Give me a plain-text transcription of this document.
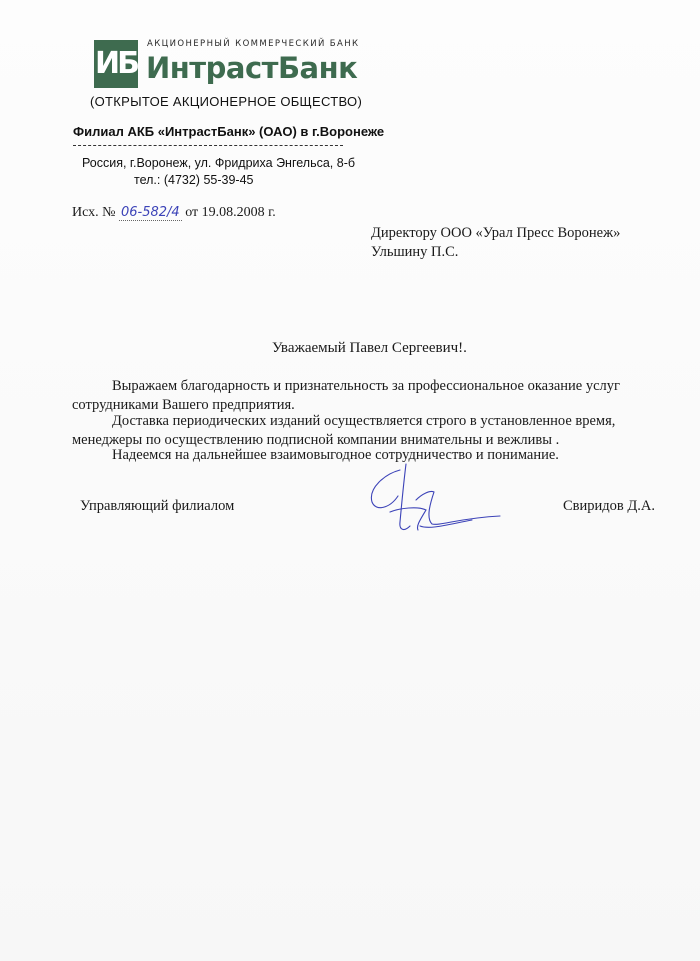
ИБ
АКЦИОНЕРНЫЙ КОММЕРЧЕСКИЙ БАНК
ИнтрастБанк
(ОТКРЫТОЕ АКЦИОНЕРНОЕ ОБЩЕСТВО)
Филиал АКБ «ИнтрастБанк» (ОАО) в г.Воронеже
Россия, г.Воронеж, ул. Фридриха Энгельса, 8-б
тел.: (4732) 55-39-45
Исх. № 06-582/4 от 19.08.2008 г.
Директору ООО «Урал Пресс Воронеж»
Ульшину П.С.
Уважаемый Павел Сергеевич!.
Выражаем благодарность и признательность за профессиональное оказание услуг
сотрудниками Вашего предприятия.
Доставка периодических изданий осуществляется строго в установленное время,
менеджеры по осуществлению подписной компании внимательны и вежливы .
Надеемся на дальнейшее взаимовыгодное сотрудничество и понимание.
Управляющий филиалом	Свиридов Д.А.
